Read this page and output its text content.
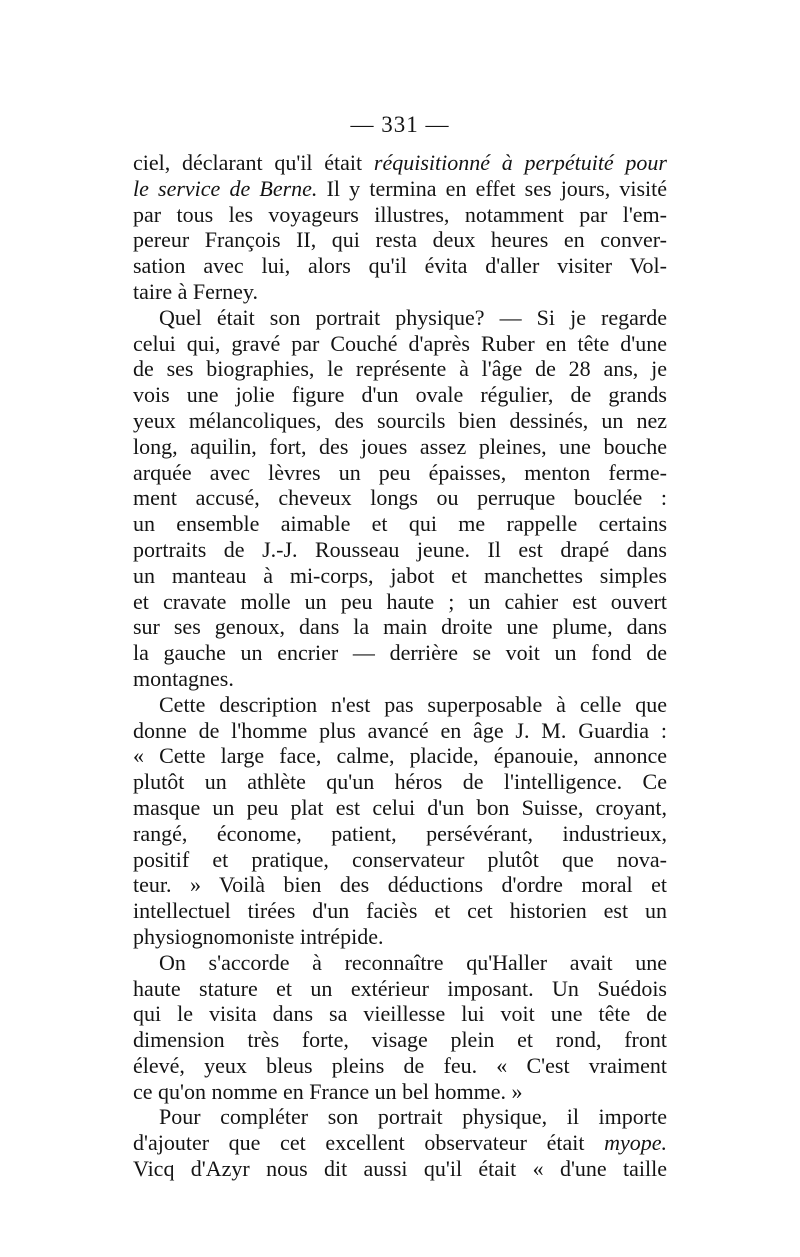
— 331 —
ciel, déclarant qu'il était réquisitionné à perpétuité pour
le service de Berne. Il y termina en effet ses jours, visité
par tous les voyageurs illustres, notamment par l'em-
pereur François II, qui resta deux heures en conver-
sation avec lui, alors qu'il évita d'aller visiter Vol-
taire à Ferney.
Quel était son portrait physique? — Si je regarde
celui qui, gravé par Couché d'après Ruber en tête d'une
de ses biographies, le représente à l'âge de 28 ans, je
vois une jolie figure d'un ovale régulier, de grands
yeux mélancoliques, des sourcils bien dessinés, un nez
long, aquilin, fort, des joues assez pleines, une bouche
arquée avec lèvres un peu épaisses, menton ferme-
ment accusé, cheveux longs ou perruque bouclée :
un ensemble aimable et qui me rappelle certains
portraits de J.-J. Rousseau jeune. Il est drapé dans
un manteau à mi-corps, jabot et manchettes simples
et cravate molle un peu haute ; un cahier est ouvert
sur ses genoux, dans la main droite une plume, dans
la gauche un encrier — derrière se voit un fond de
montagnes.
Cette description n'est pas superposable à celle que
donne de l'homme plus avancé en âge J. M. Guardia :
« Cette large face, calme, placide, épanouie, annonce
plutôt un athlète qu'un héros de l'intelligence. Ce
masque un peu plat est celui d'un bon Suisse, croyant,
rangé, économe, patient, persévérant, industrieux,
positif et pratique, conservateur plutôt que nova-
teur. » Voilà bien des déductions d'ordre moral et
intellectuel tirées d'un faciès et cet historien est un
physiognomoniste intrépide.
On s'accorde à reconnaître qu'Haller avait une
haute stature et un extérieur imposant. Un Suédois
qui le visita dans sa vieillesse lui voit une tête de
dimension très forte, visage plein et rond, front
élevé, yeux bleus pleins de feu. « C'est vraiment
ce qu'on nomme en France un bel homme. »
Pour compléter son portrait physique, il importe
d'ajouter que cet excellent observateur était myope.
Vicq d'Azyr nous dit aussi qu'il était « d'une taille
